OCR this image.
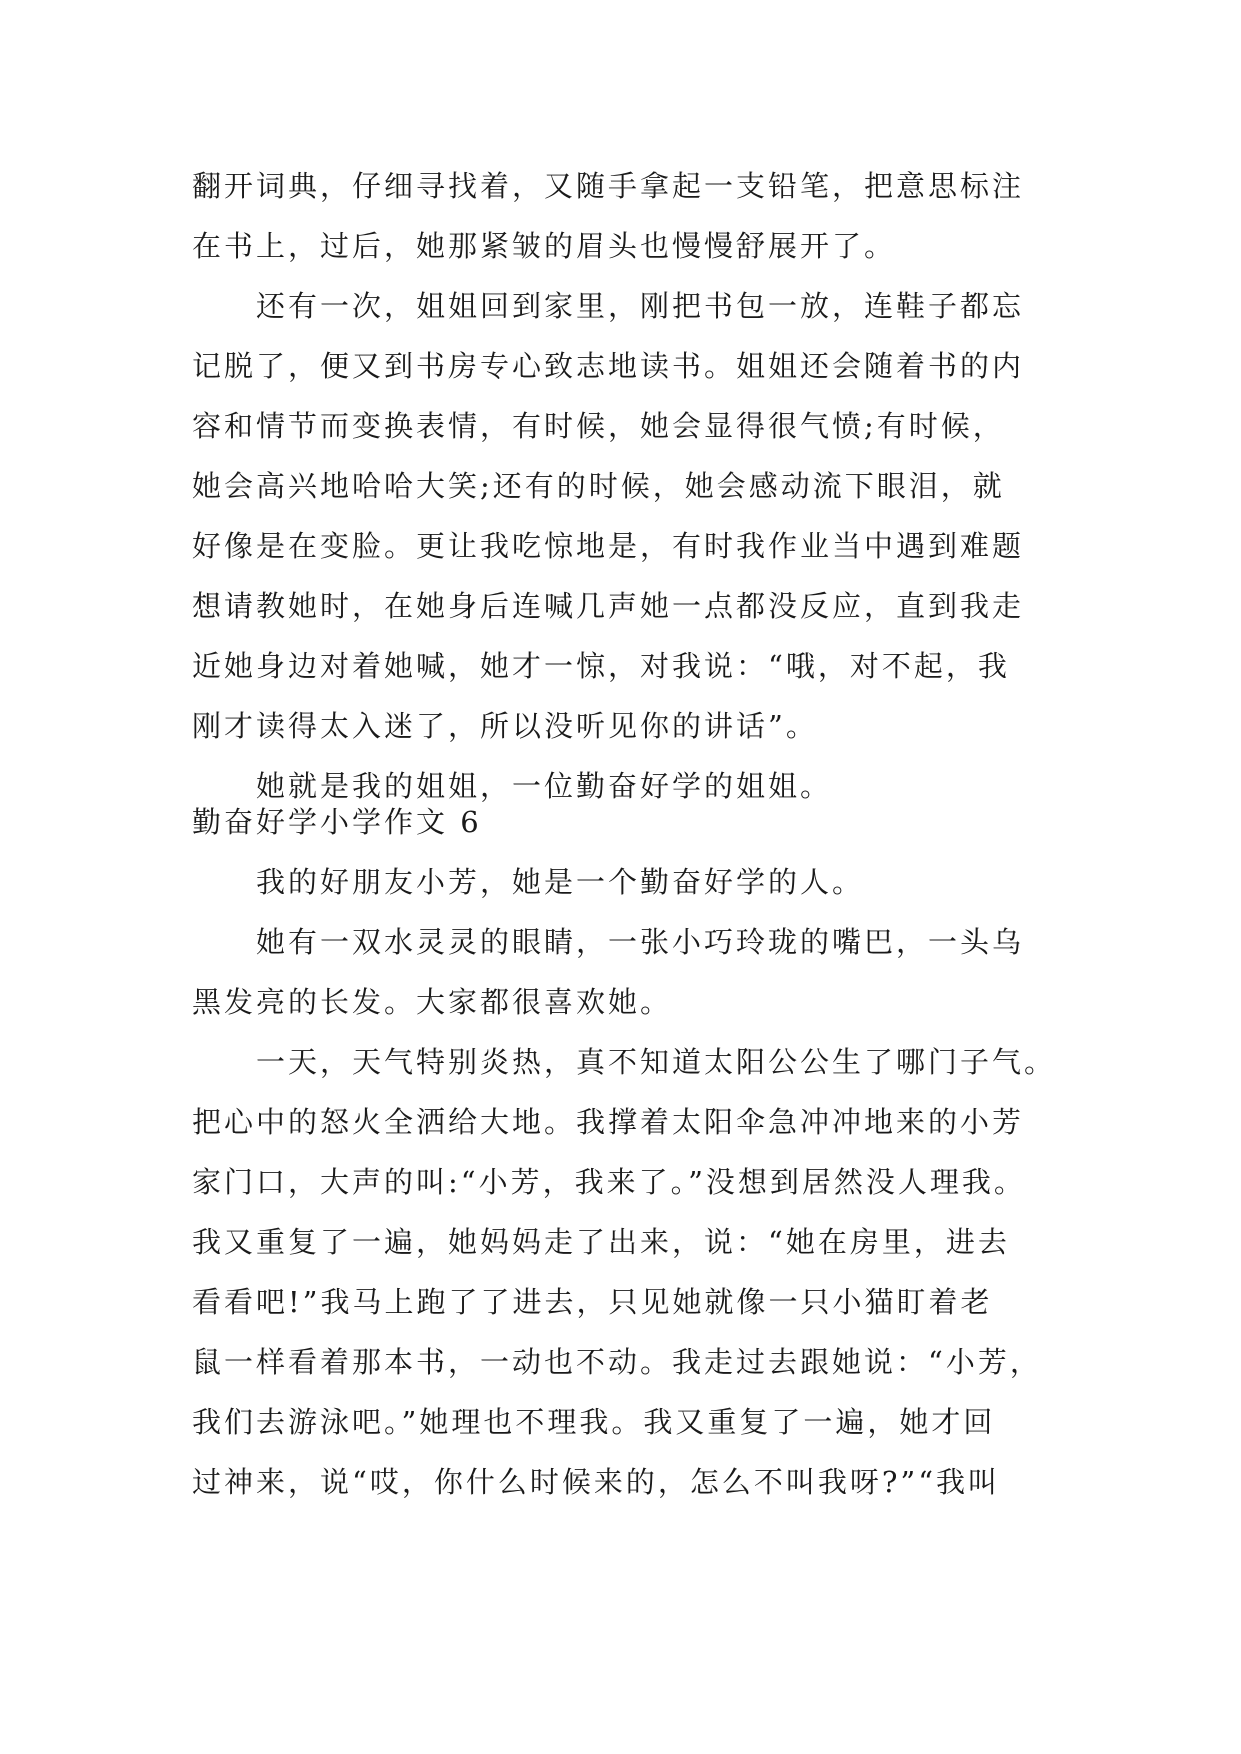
翻开词典，仔细寻找着，又随手拿起一支铅笔，把意思标注
在书上，过后，她那紧皱的眉头也慢慢舒展开了。
还有一次，姐姐回到家里，刚把书包一放，连鞋子都忘
记脱了，便又到书房专心致志地读书。姐姐还会随着书的内
容和情节而变换表情，有时候，她会显得很气愤;有时候，
她会高兴地哈哈大笑;还有的时候，她会感动流下眼泪，就
好像是在变脸。更让我吃惊地是，有时我作业当中遇到难题
想请教她时，在她身后连喊几声她一点都没反应，直到我走
近她身边对着她喊，她才一惊，对我说：“哦，对不起，我
刚才读得太入迷了，所以没听见你的讲话”。
她就是我的姐姐，一位勤奋好学的姐姐。
勤奋好学小学作文 6
我的好朋友小芳，她是一个勤奋好学的人。
她有一双水灵灵的眼睛，一张小巧玲珑的嘴巴，一头乌
黑发亮的长发。大家都很喜欢她。
一天，天气特别炎热，真不知道太阳公公生了哪门子气。
把心中的怒火全洒给大地。我撑着太阳伞急冲冲地来的小芳
家门口，大声的叫:“小芳，我来了。”没想到居然没人理我。
我又重复了一遍，她妈妈走了出来，说：“她在房里，进去
看看吧!”我马上跑了了进去，只见她就像一只小猫盯着老
鼠一样看着那本书，一动也不动。我走过去跟她说：“小芳，
我们去游泳吧。”她理也不理我。我又重复了一遍，她才回
过神来，说“哎，你什么时候来的，怎么不叫我呀?”“我叫
